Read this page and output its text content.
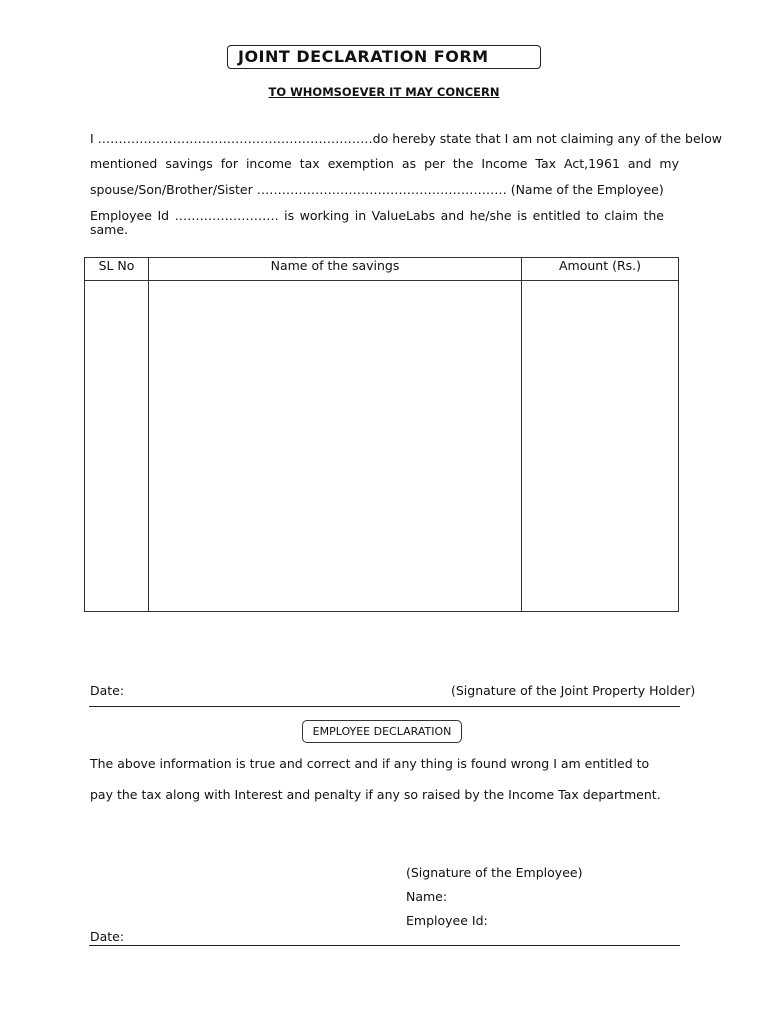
JOINT DECLARATION FORM
TO WHOMSOEVER IT MAY CONCERN
I …………………………………………………………do hereby state that I am not claiming any of the below
mentioned savings for income tax exemption as per the Income Tax Act,1961 and my
spouse/Son/Brother/Sister …………………………………………………… (Name of the Employee)
Employee Id ……………………. is working in ValueLabs and he/she is entitled to claim the
same.
SL No	Name of the savings	Amount (Rs.)

Date:	(Signature of the Joint Property Holder)
EMPLOYEE DECLARATION
The above information is true and correct and if any thing is found wrong I am entitled to
pay the tax along with Interest and penalty if any so raised by the Income Tax department.
(Signature of the Employee)
Name:
Employee Id:
Date:
